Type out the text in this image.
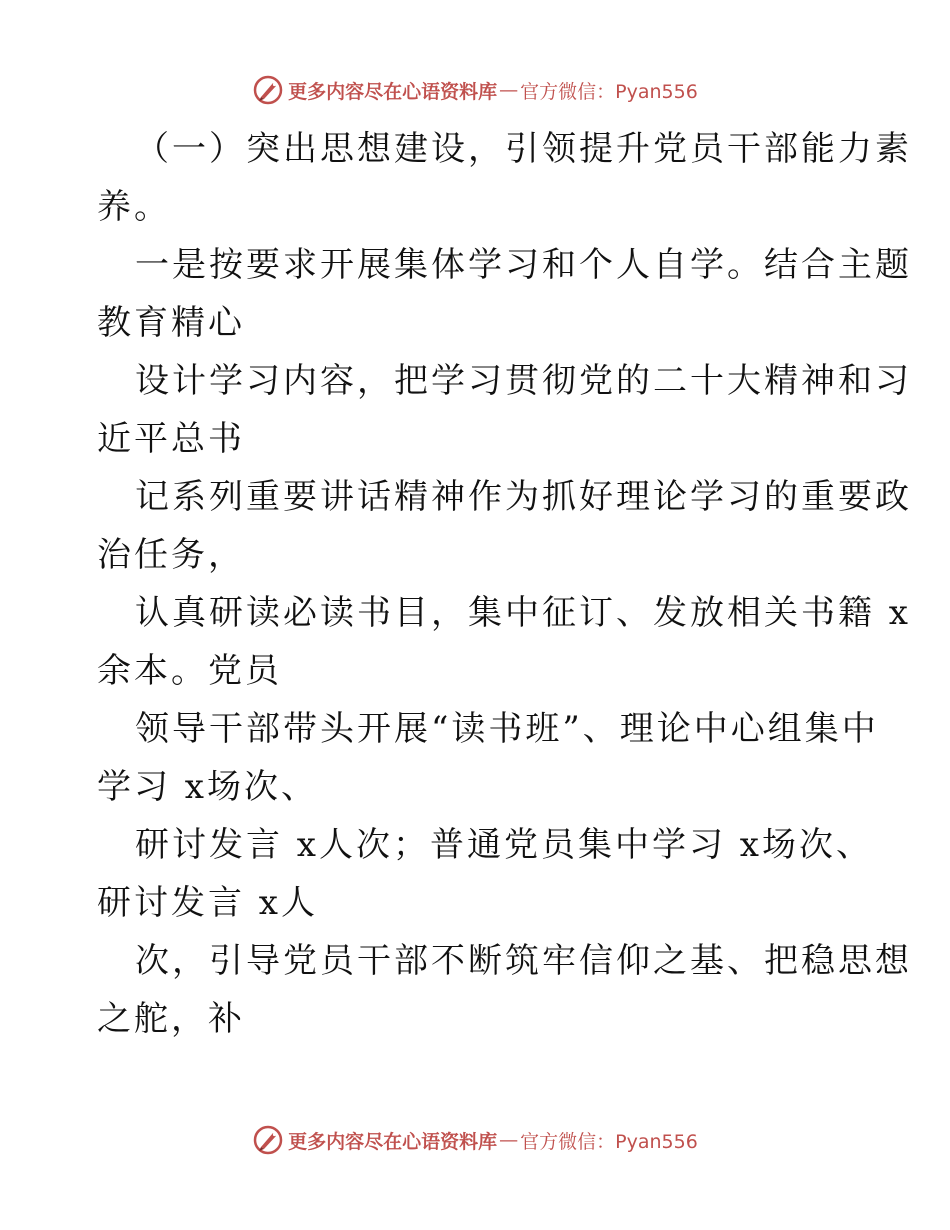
更多内容尽在心语资料库 — 官方微信：Pyan556
（一）突出思想建设，引领提升党员干部能力素
养。
一是按要求开展集体学习和个人自学。结合主题
教育精心
设计学习内容，把学习贯彻党的二十大精神和习
近平总书
记系列重要讲话精神作为抓好理论学习的重要政
治任务，
认真研读必读书目，集中征订、发放相关书籍 x
余本。党员
领导干部带头开展“读书班”、理论中心组集中
学习 x场次、
研讨发言 x人次；普通党员集中学习 x场次、
研讨发言 x人
次，引导党员干部不断筑牢信仰之基、把稳思想
之舵，补
更多内容尽在心语资料库 — 官方微信：Pyan556
